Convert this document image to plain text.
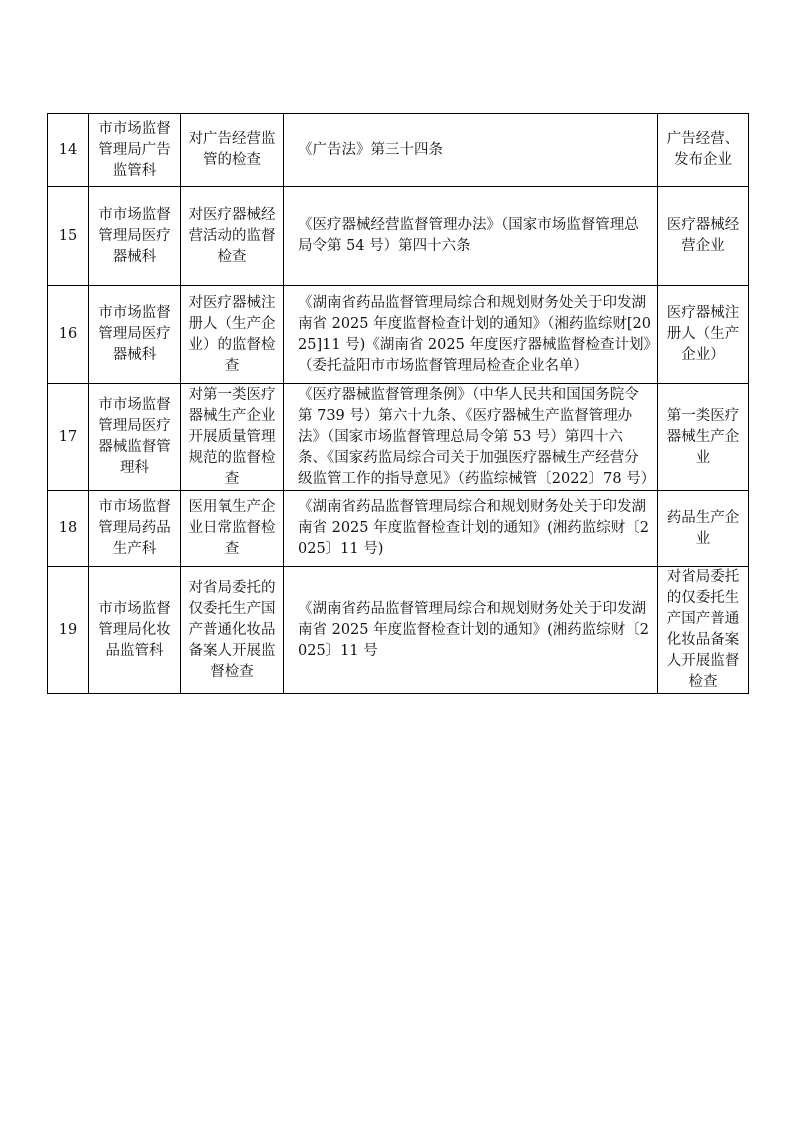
14	市市场监督管理局广告监管科	对广告经营监管的检查	《广告法》第三十四条	广告经营、发布企业
15	市市场监督管理局医疗器械科	对医疗器械经营活动的监督检查	《医疗器械经营监督管理办法》（国家市场监督管理总局令第 54 号）第四十六条	医疗器械经营企业
16	市市场监督管理局医疗器械科	对医疗器械注册人（生产企业）的监督检查	《湖南省药品监督管理局综合和规划财务处关于印发湖南省 2025 年度监督检查计划的通知》（湘药监综财[2025]11 号)《湖南省 2025 年度医疗器械监督检查计划》（委托益阳市市场监督管理局检查企业名单）	医疗器械注册人（生产企业）
17	市市场监督管理局医疗器械监督管理科	对第一类医疗器械生产企业开展质量管理规范的监督检查	《医疗器械监督管理条例》（中华人民共和国国务院令第 739 号）第六十九条、《医疗器械生产监督管理办法》（国家市场监督管理总局令第 53 号）第四十六条、《国家药监局综合司关于加强医疗器械生产经营分级监管工作的指导意见》（药监综械管〔2022〕78 号）	第一类医疗器械生产企业
18	市市场监督管理局药品生产科	医用氧生产企业日常监督检查	《湖南省药品监督管理局综合和规划财务处关于印发湖南省 2025 年度监督检查计划的通知》(湘药监综财〔2025〕11 号)	药品生产企业
19	市市场监督管理局化妆品监管科	对省局委托的仅委托生产国产普通化妆品备案人开展监督检查	《湖南省药品监督管理局综合和规划财务处关于印发湖南省 2025 年度监督检查计划的通知》(湘药监综财〔2025〕11 号	对省局委托的仅委托生产国产普通化妆品备案人开展监督检查
